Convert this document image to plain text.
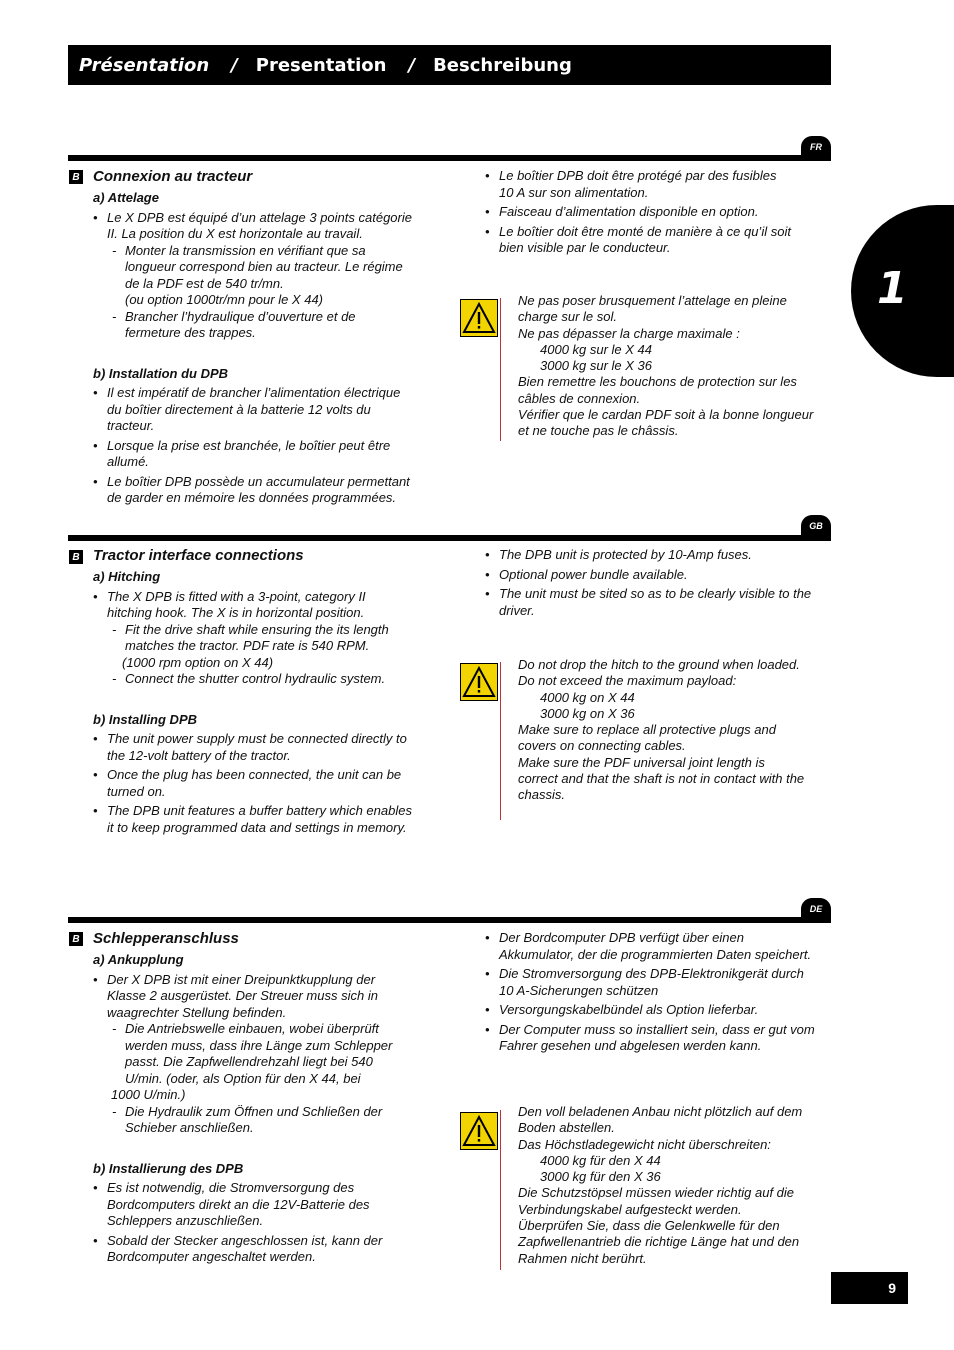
Présentation / Presentation / Beschreibung
1
FR
B Connexion au tracteur
a) Attelage
• Le X DPB est équipé d’un attelage 3 points catégorie
II. La position du X est horizontale au travail.
- Monter la transmission en vérifiant que sa
longueur correspond bien au tracteur. Le régime
de la PDF est de 540 tr/mn.
(ou option 1000tr/mn pour le X 44)
- Brancher l’hydraulique d’ouverture et de
fermeture des trappes.
b) Installation du DPB
• Il est impératif de brancher l’alimentation électrique du boîtier directement à la batterie 12 volts du tracteur.
• Lorsque la prise est branchée, le boîtier peut être allumé.
• Le boîtier DPB possède un accumulateur permettant de garder en mémoire les données programmées.
• Le boîtier DPB doit être protégé par des fusibles
10 A sur son alimentation.
• Faisceau d’alimentation disponible en option.
• Le boîtier doit être monté de manière à ce qu’il soit bien visible par le conducteur.
Ne pas poser brusquement l’attelage en pleine charge sur le sol.
Ne pas dépasser la charge maximale :
4000 kg sur le X 44
3000 kg sur le X 36
Bien remettre les bouchons de protection sur les câbles de connexion.
Vérifier que le cardan PDF soit à la bonne longueur et ne touche pas le châssis.
GB
B Tractor interface connections
a) Hitching
• The X DPB is fitted with a 3-point, category II
hitching hook. The X is in horizontal position.
- Fit the drive shaft while ensuring the its length
matches the tractor. PDF rate is 540 RPM.
(1000 rpm option on X 44)
- Connect the shutter control hydraulic system.
b) Installing DPB
• The unit power supply must be connected directly to the 12-volt battery of the tractor.
• Once the plug has been connected, the unit can be turned on.
• The DPB unit features a buffer battery which enables it to keep programmed data and settings in memory.
• The DPB unit is protected by 10-Amp fuses.
• Optional power bundle available.
• The unit must be sited so as to be clearly visible to the driver.
Do not drop the hitch to the ground when loaded.
Do not exceed the maximum payload:
4000 kg on X 44
3000 kg on X 36
Make sure to replace all protective plugs and covers on connecting cables.
Make sure the PDF universal joint length is correct and that the shaft is not in contact with the chassis.
DE
B Schlepperanschluss
a) Ankupplung
• Der X DPB ist mit einer Dreipunktkupplung der
Klasse 2 ausgerüstet. Der Streuer muss sich in
waagrechter Stellung befinden.
- Die Antriebswelle einbauen, wobei überprüft
werden muss, dass ihre Länge zum Schlepper
passt. Die Zapfwellendrehzahl liegt bei 540
U/min. (oder, als Option für den X 44, bei
1000 U/min.)
- Die Hydraulik zum Öffnen und Schließen der
Schieber anschließen.
b) Installierung des DPB
• Es ist notwendig, die Stromversorgung des Bordcomputers direkt an die 12V-Batterie des Schleppers anzuschließen.
• Sobald der Stecker angeschlossen ist, kann der Bordcomputer angeschaltet werden.
• Der Bordcomputer DPB verfügt über einen Akkumulator, der die programmierten Daten speichert.
• Die Stromversorgung des DPB-Elektronikgerät durch 10 A-Sicherungen schützen
• Versorgungskabelbündel als Option lieferbar.
• Der Computer muss so installiert sein, dass er gut vom Fahrer gesehen und abgelesen werden kann.
Den voll beladenen Anbau nicht plötzlich auf dem Boden abstellen.
Das Höchstladegewicht nicht überschreiten:
4000 kg für den X 44
3000 kg für den X 36
Die Schutzstöpsel müssen wieder richtig auf die Verbindungskabel aufgesteckt werden.
Überprüfen Sie, dass die Gelenkwelle für den Zapfwellenantrieb die richtige Länge hat und den Rahmen nicht berührt.
9
